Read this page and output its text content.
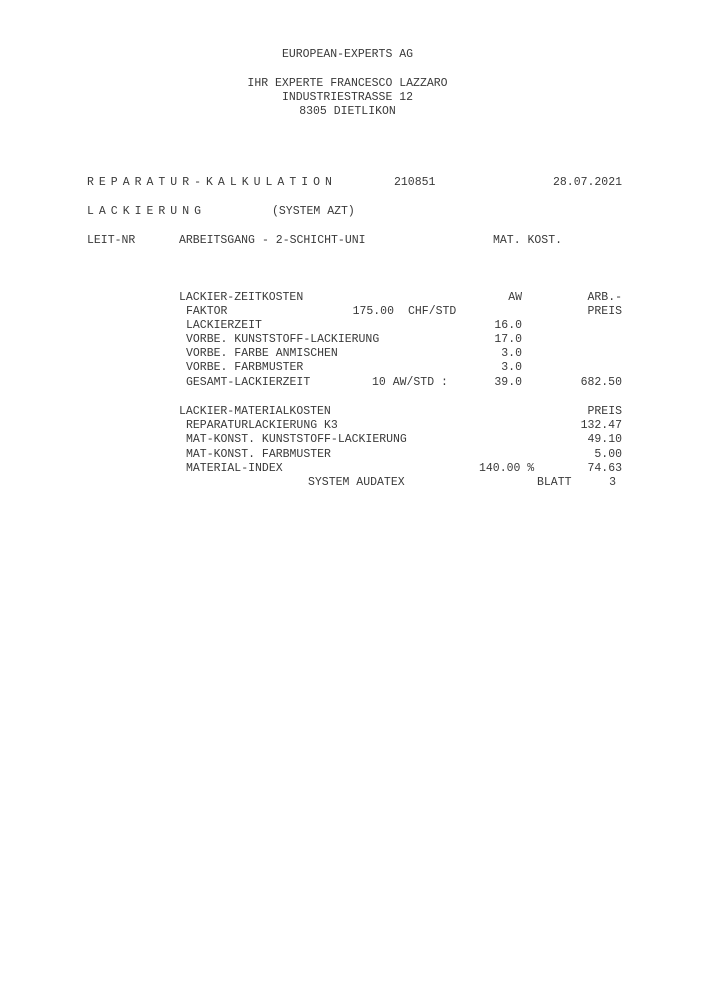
EUROPEAN-EXPERTS AG
IHR EXPERTE FRANCESCO LAZZARO
INDUSTRIESTRASSE 12
8305 DIETLIKON
REPARATUR-KALKULATION	210851	28.07.2021
LACKIERUNG	(SYSTEM AZT)
LEIT-NR	ARBEITSGANG - 2-SCHICHT-UNI	MAT. KOST.
LACKIER-ZEITKOSTEN	AW	ARB.-
FAKTOR	175.00 CHF/STD	PREIS
LACKIERZEIT	16.0
VORBE. KUNSTSTOFF-LACKIERUNG	17.0
VORBE. FARBE ANMISCHEN	3.0
VORBE. FARBMUSTER	3.0
GESAMT-LACKIERZEIT	10 AW/STD :	39.0	682.50
LACKIER-MATERIALKOSTEN	PREIS
REPARATURLACKIERUNG K3	132.47
MAT-KONST. KUNSTSTOFF-LACKIERUNG	49.10
MAT-KONST. FARBMUSTER	5.00
MATERIAL-INDEX	140.00 %	74.63
SYSTEM AUDATEX	BLATT	3
